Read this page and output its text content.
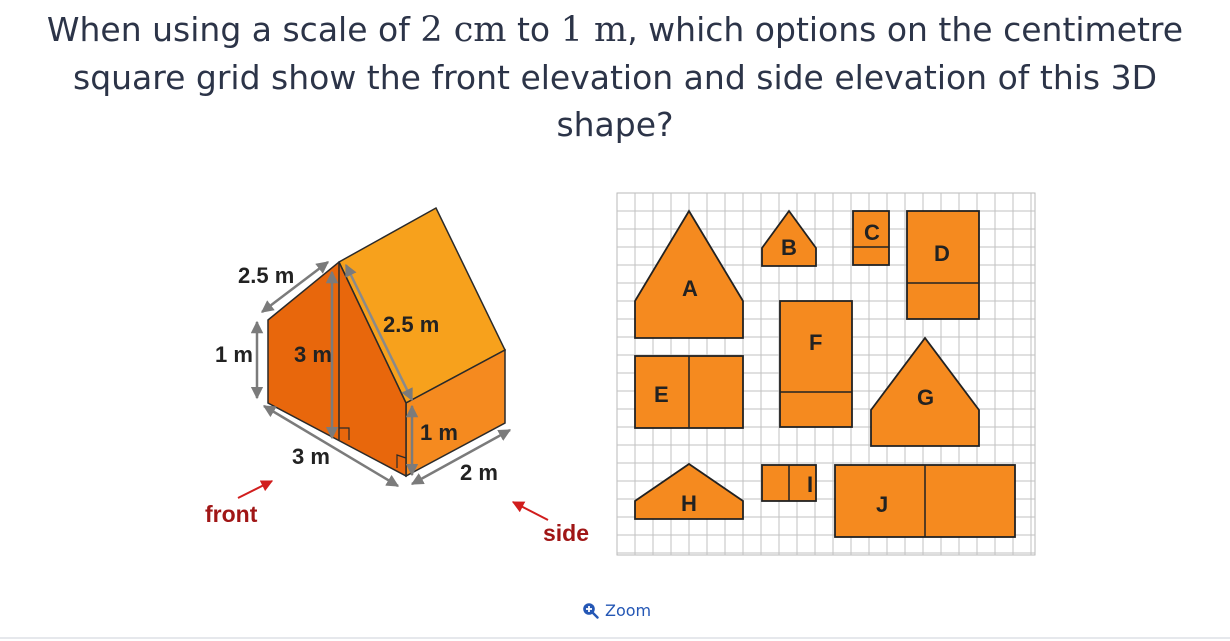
When using a scale of 2 cm to 1 m, which options on the centimetre square grid show the front elevation and side elevation of this 3D shape?
2.5 m
2.5 m
1 m 3 m
3 m
1 m
2 m
front
side
A
B
C
D
E
F
G
H
I
J
Zoom
